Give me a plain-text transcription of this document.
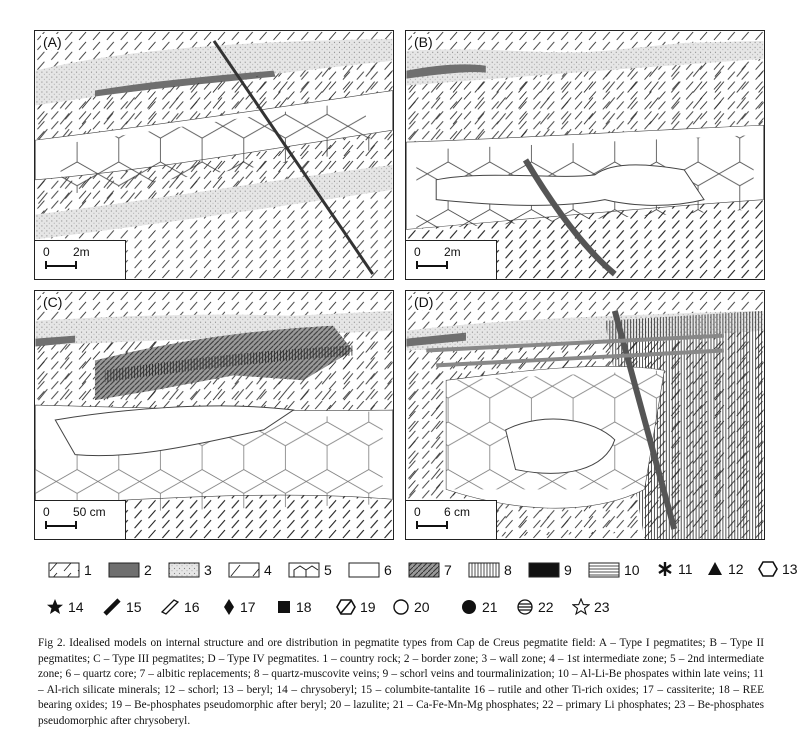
(A)
0 2m
(B)
0 2m
(C)
0 50 cm
(D)
0 6 cm
1	2	3	4	5	6	7	8	9	10	11	12	13
14	15	16	17	18	19	20	21	22	23
Fig 2. Idealised models on internal structure and ore distribution in pegmatite types from Cap de Creus pegmatite field: A – Type I pegmatites; B – Type II pegmatites; C – Type III pegmatites; D – Type IV pegmatites. 1 – country rock; 2 – border zone; 3 – wall zone; 4 – 1st intermediate zone; 5 – 2nd intermediate zone; 6 – quartz core; 7 – albitic replacements; 8 – quartz-muscovite veins; 9 – schorl veins and tourmalinization; 10 – Al-Li-Be phospates within late veins; 11 – Al-rich silicate minerals; 12 – schorl; 13 – beryl; 14 – chrysoberyl; 15 – columbite-tantalite 16 – rutile and other Ti-rich oxides; 17 – cassiterite; 18 – REE bearing oxides; 19 – Be-phosphates pseudomorphic after beryl; 20 – lazulite; 21 – Ca-Fe-Mn-Mg phosphates; 22 – primary Li phosphates; 23 – Be-phosphates pseudomorphic after chrysoberyl.
